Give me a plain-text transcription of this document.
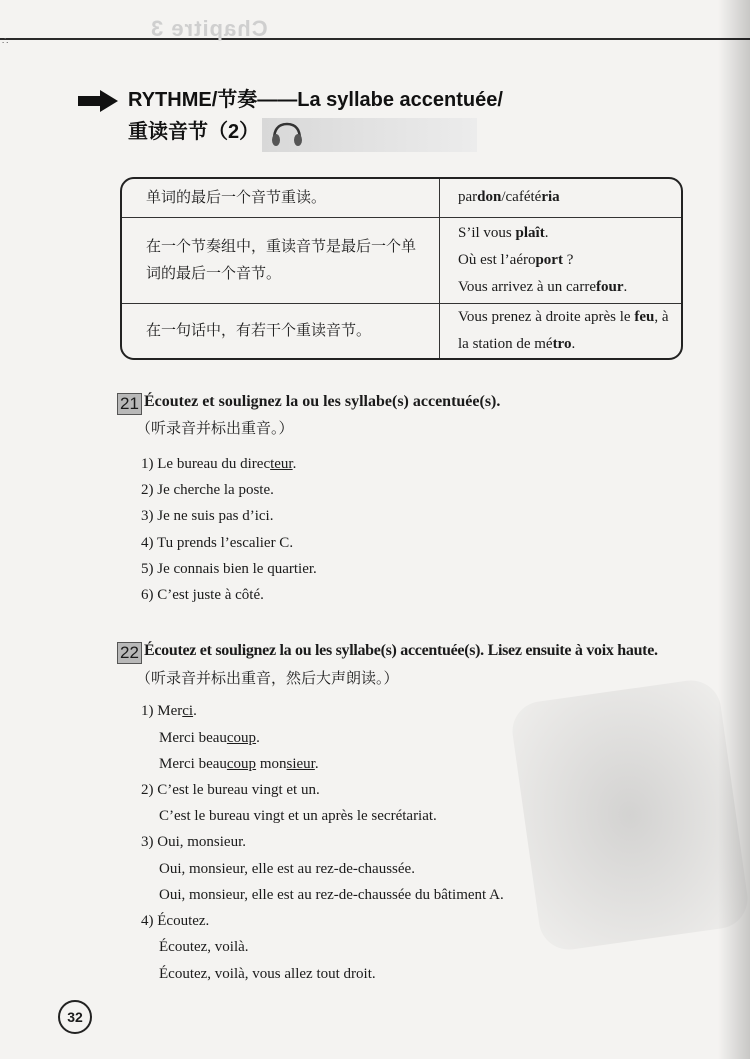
Chapitre 3
∴
RYTHME/节奏——La syllabe accentuée/
重读音节（2）
单词的最后一个音节重读。	pardon/cafétéria
在一个节奏组中，重读音节是最后一个单词的最后一个音节。	S’il vous plaît.
Où est l’aéroport ?
Vous arrivez à un carrefour.

在一句话中，有若干个重读音节。	Vous prenez à droite après le feu, à la station de métro.
21 Écoutez et soulignez la ou les syllabe(s) accentuée(s).
（听录音并标出重音。）
1) Le bureau du directeur.
2) Je cherche la poste.
3) Je ne suis pas d’ici.
4) Tu prends l’escalier C.
5) Je connais bien le quartier.
6) C’est juste à côté.
22 Écoutez et soulignez la ou les syllabe(s) accentuée(s). Lisez ensuite à voix haute.
（听录音并标出重音，然后大声朗读。）
1) Merci.
Merci beaucoup.
Merci beaucoup monsieur.
2) C’est le bureau vingt et un.
C’est le bureau vingt et un après le secrétariat.
3) Oui, monsieur.
Oui, monsieur, elle est au rez-de-chaussée.
Oui, monsieur, elle est au rez-de-chaussée du bâtiment A.
4) Écoutez.
Écoutez, voilà.
Écoutez, voilà, vous allez tout droit.
32
